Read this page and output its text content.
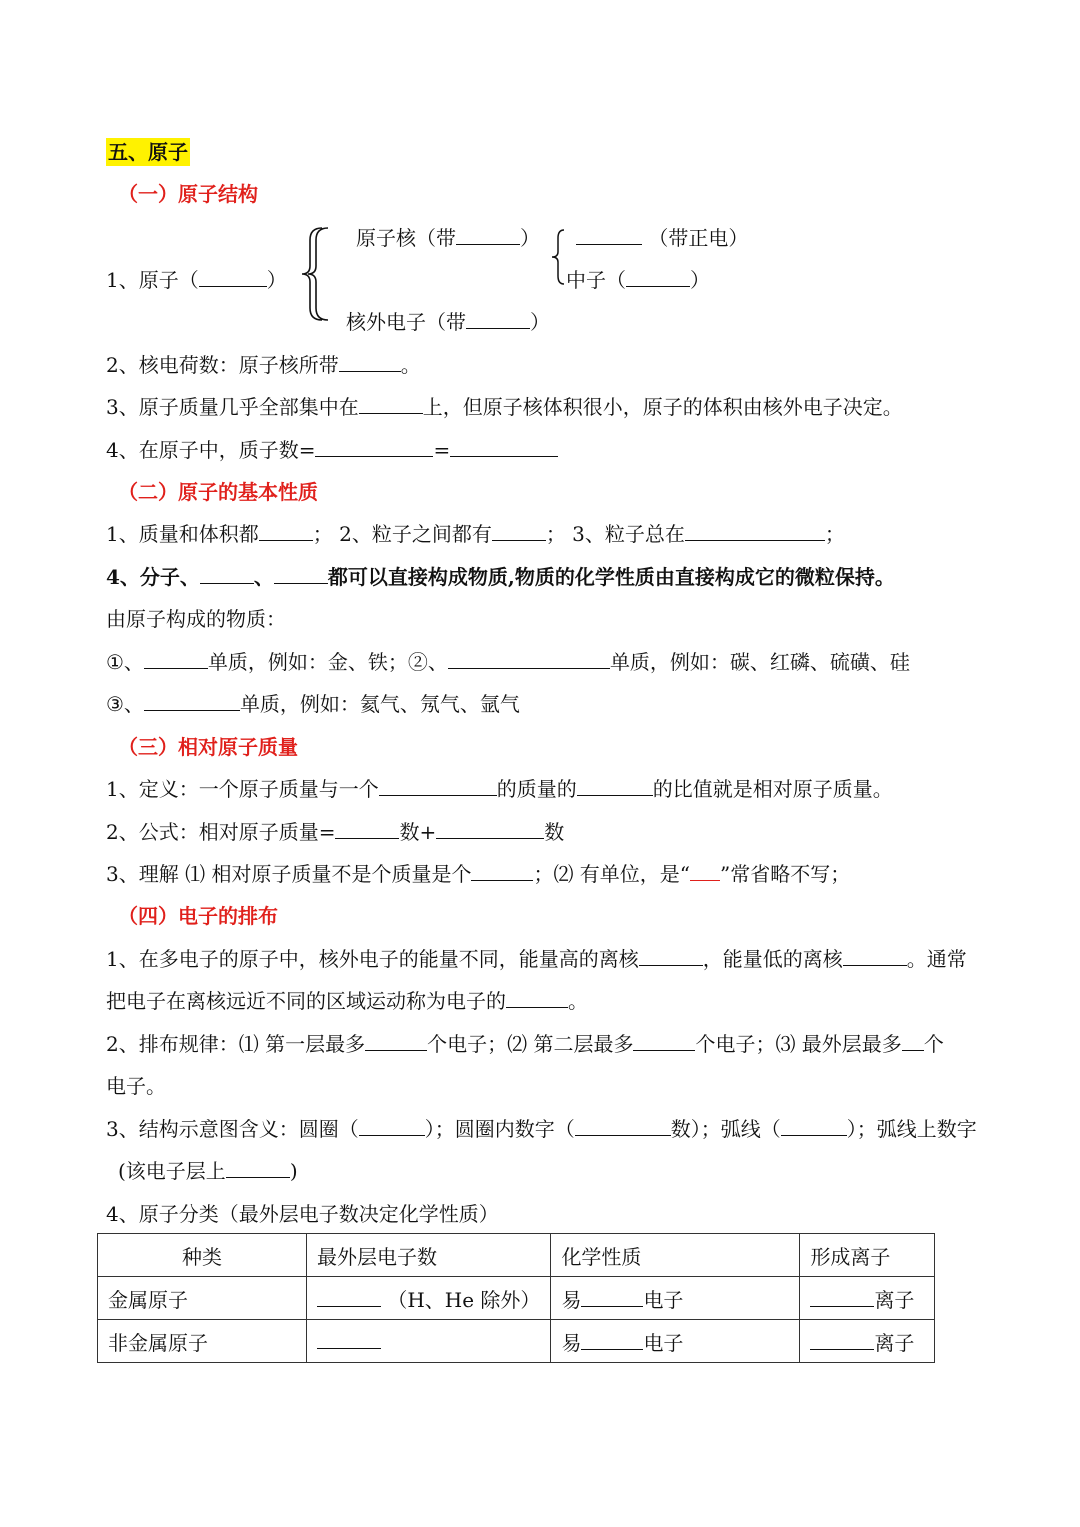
五、原子
（一）原子结构
1、原子（	）
原子核（带	）	（带正电）
中子（	）
核外电子（带	）
2、核电荷数：原子核所带	。
3、原子质量几乎全部集中在	上，但原子核体积很小，原子的体积由核外电子决定。
4、在原子中，质子数=	=
（二）原子的基本性质
1、质量和体积都	； 2、粒子之间都有	； 3、粒子总在	；
4、分子、	、	都可以直接构成物质,物质的化学性质由直接构成它的微粒保持。
由原子构成的物质：
①、	单质，例如：金、铁；②、	单质，例如：碳、红磷、硫磺、硅
③、	单质，例如：氦气、氖气、氩气
（三）相对原子质量
1、定义：一个原子质量与一个	的质量的	的比值就是相对原子质量。
2、公式：相对原子质量=	数+	数
3、理解 ⑴ 相对原子质量不是个质量是个	；⑵ 有单位，是“ ”常省略不写；
（四）电子的排布
1、在多电子的原子中，核外电子的能量不同，能量高的离核	，能量低的离核	。通常
把电子在离核远近不同的区域运动称为电子的	。
2、排布规律：⑴ 第一层最多	个电子；⑵ 第二层最多	个电子；⑶ 最外层最多 个
电子。
3、结构示意图含义：圆圈（	）；圆圈内数字（	数）；弧线（	）；弧线上数字
(该电子层上	)
4、原子分类（最外层电子数决定化学性质）
种类	最外层电子数	化学性质	形成离子
金属原子	（H、He 除外）	易 电子	离子
非金属原子		易 电子	离子
